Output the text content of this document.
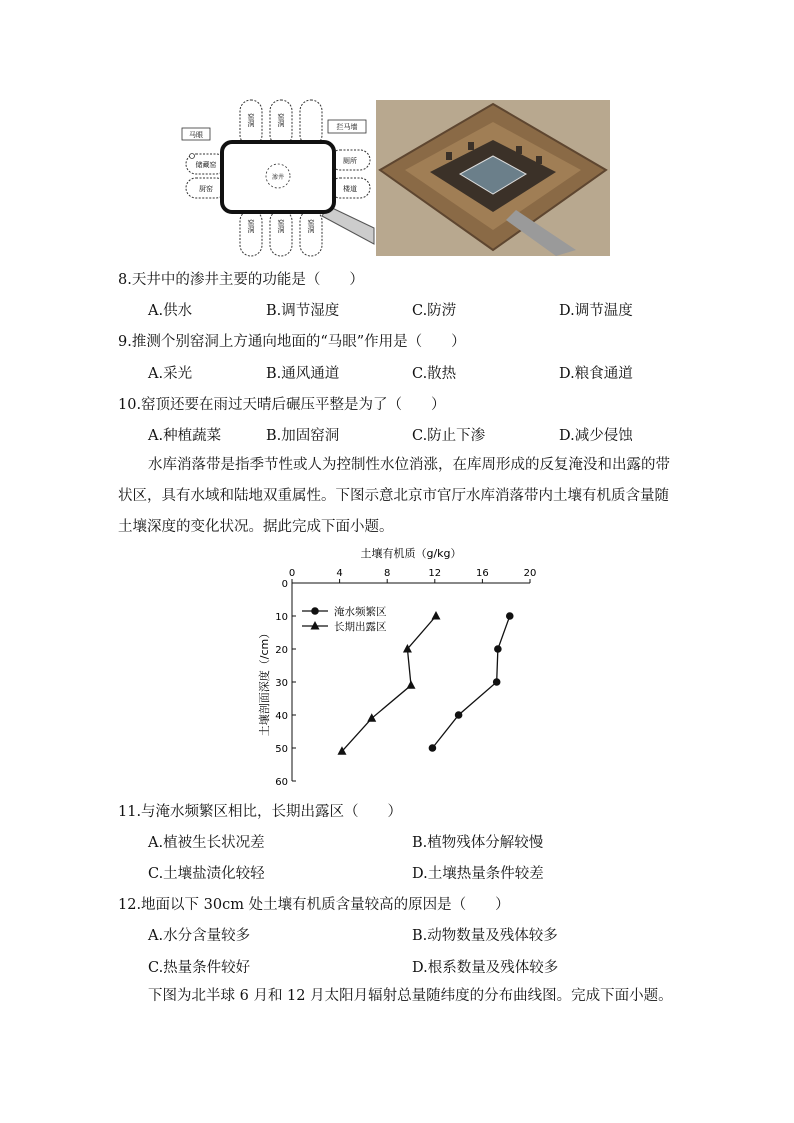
渗井
窑洞	窑洞
窑洞	窑洞	窑洞
储藏窑
厨窑
厕所
楼道
马眼
拦马墙
8.天井中的渗井主要的功能是（　　）
A.供水	B.调节湿度	C.防涝	D.调节温度
9.推测个别窑洞上方通向地面的“马眼”作用是（　　）
A.采光	B.通风通道	C.散热	D.粮食通道
10.窑顶还要在雨过天晴后碾压平整是为了（　　）
A.种植蔬菜	B.加固窑洞	C.防止下渗	D.减少侵蚀
水库消落带是指季节性或人为控制性水位消涨，在库周形成的反复淹没和出露的带状区，具有水域和陆地双重属性。下图示意北京市官厅水库消落带内土壤有机质含量随土壤深度的变化状况。据此完成下面小题。
土壤有机质（g/kg）
0	4	8	12	16	20
0
10
20
30
40
50
60
土壤剖面深度（/cm）
淹水频繁区
长期出露区
11.与淹水频繁区相比，长期出露区（　　）
A.植被生长状况差	B.植物残体分解较慢
C.土壤盐渍化较轻	D.土壤热量条件较差
12.地面以下 30cm 处土壤有机质含量较高的原因是（　　）
A.水分含量较多	B.动物数量及残体较多
C.热量条件较好	D.根系数量及残体较多
下图为北半球 6 月和 12 月太阳月辐射总量随纬度的分布曲线图。完成下面小题。
